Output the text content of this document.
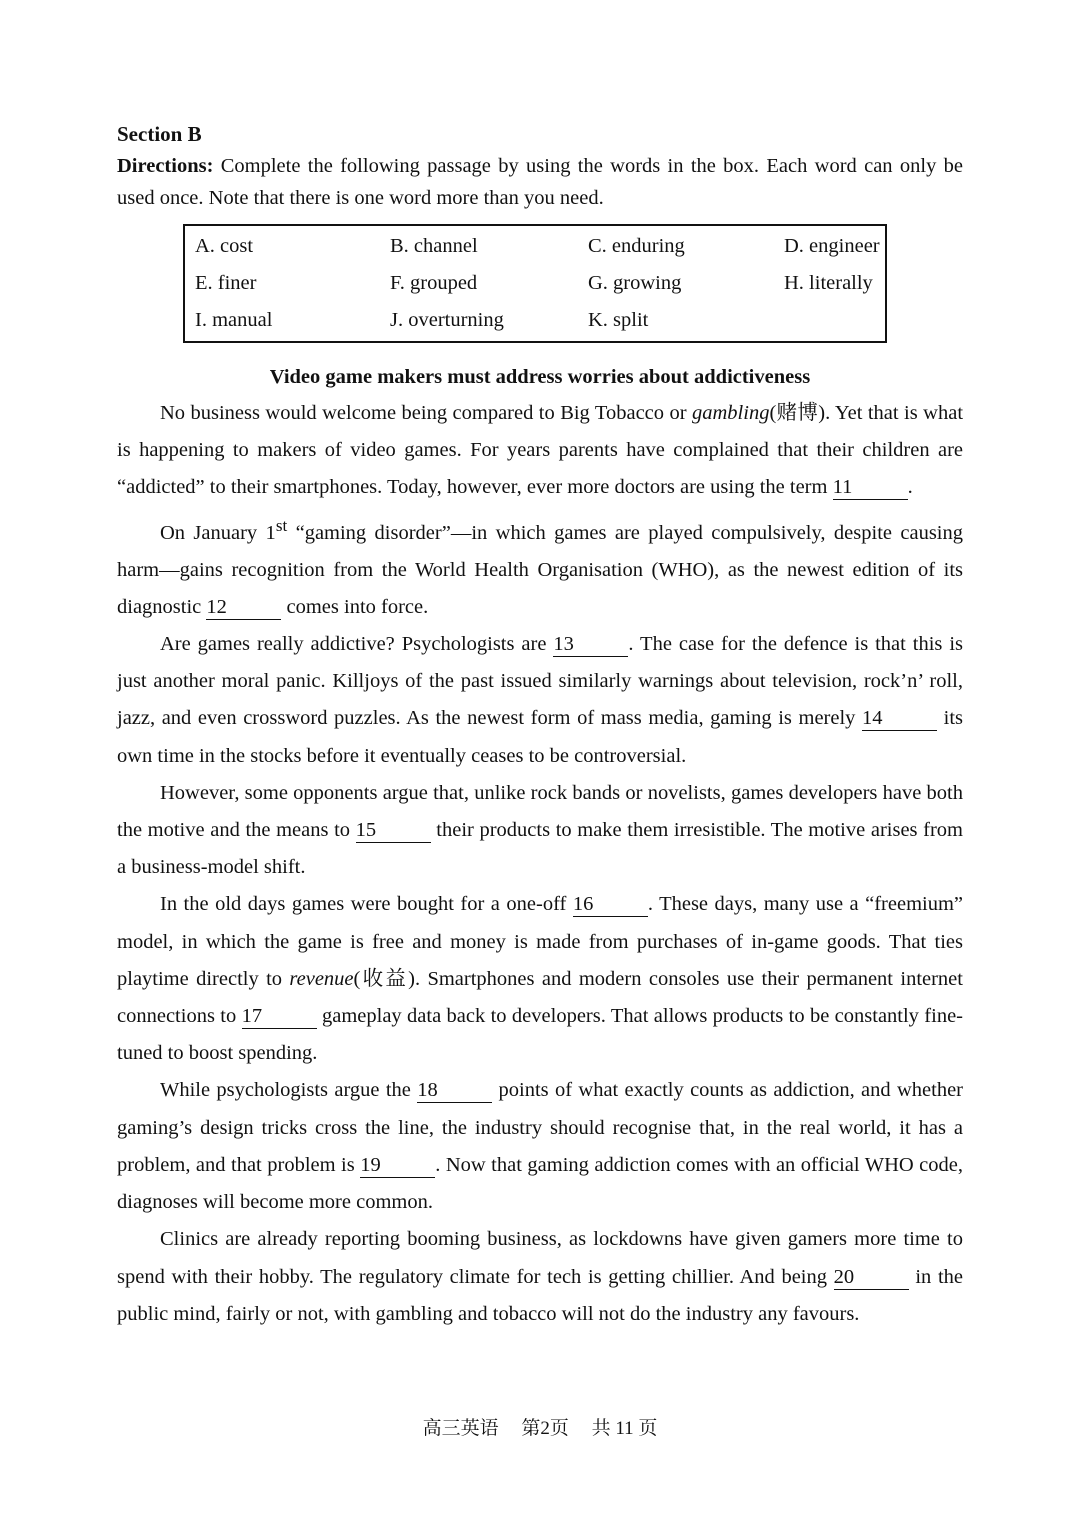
Section B

Directions: Complete the following passage by using the words in the box. Each word can only be used once. Note that there is one word more than you need.

A. cost	B. channel	C. enduring	D. engineer
E. finer	F. grouped	G. growing	H. literally
I. manual	J. overturning	K. split

Video game makers must address worries about addictiveness

No business would welcome being compared to Big Tobacco or gambling(赌博). Yet that is what is happening to makers of video games. For years parents have complained that their children are “addicted” to their smartphones. Today, however, ever more doctors are using the term 11	.

On January 1st “gaming disorder”—in which games are played compulsively, despite causing harm—gains recognition from the World Health Organisation (WHO), as the newest edition of its diagnostic 12	comes into force.

Are games really addictive? Psychologists are 13	. The case for the defence is that this is just another moral panic. Killjoys of the past issued similarly warnings about television, rock’n’ roll, jazz, and even crossword puzzles. As the newest form of mass media, gaming is merely 14	its own time in the stocks before it eventually ceases to be controversial.

However, some opponents argue that, unlike rock bands or novelists, games developers have both the motive and the means to 15	their products to make them irresistible. The motive arises from a business-model shift.

In the old days games were bought for a one-off 16	. These days, many use a “freemium” model, in which the game is free and money is made from purchases of in-game goods. That ties playtime directly to revenue(收益). Smartphones and modern consoles use their permanent internet connections to 17	gameplay data back to developers. That allows products to be constantly fine-tuned to boost spending.

While psychologists argue the 18	points of what exactly counts as addiction, and whether gaming’s design tricks cross the line, the industry should recognise that, in the real world, it has a problem, and that problem is 19	. Now that gaming addiction comes with an official WHO code, diagnoses will become more common.

Clinics are already reporting booming business, as lockdowns have given gamers more time to spend with their hobby. The regulatory climate for tech is getting chillier. And being 20	in the public mind, fairly or not, with gambling and tobacco will not do the industry any favours.

高三英语 第2页 共 11 页
